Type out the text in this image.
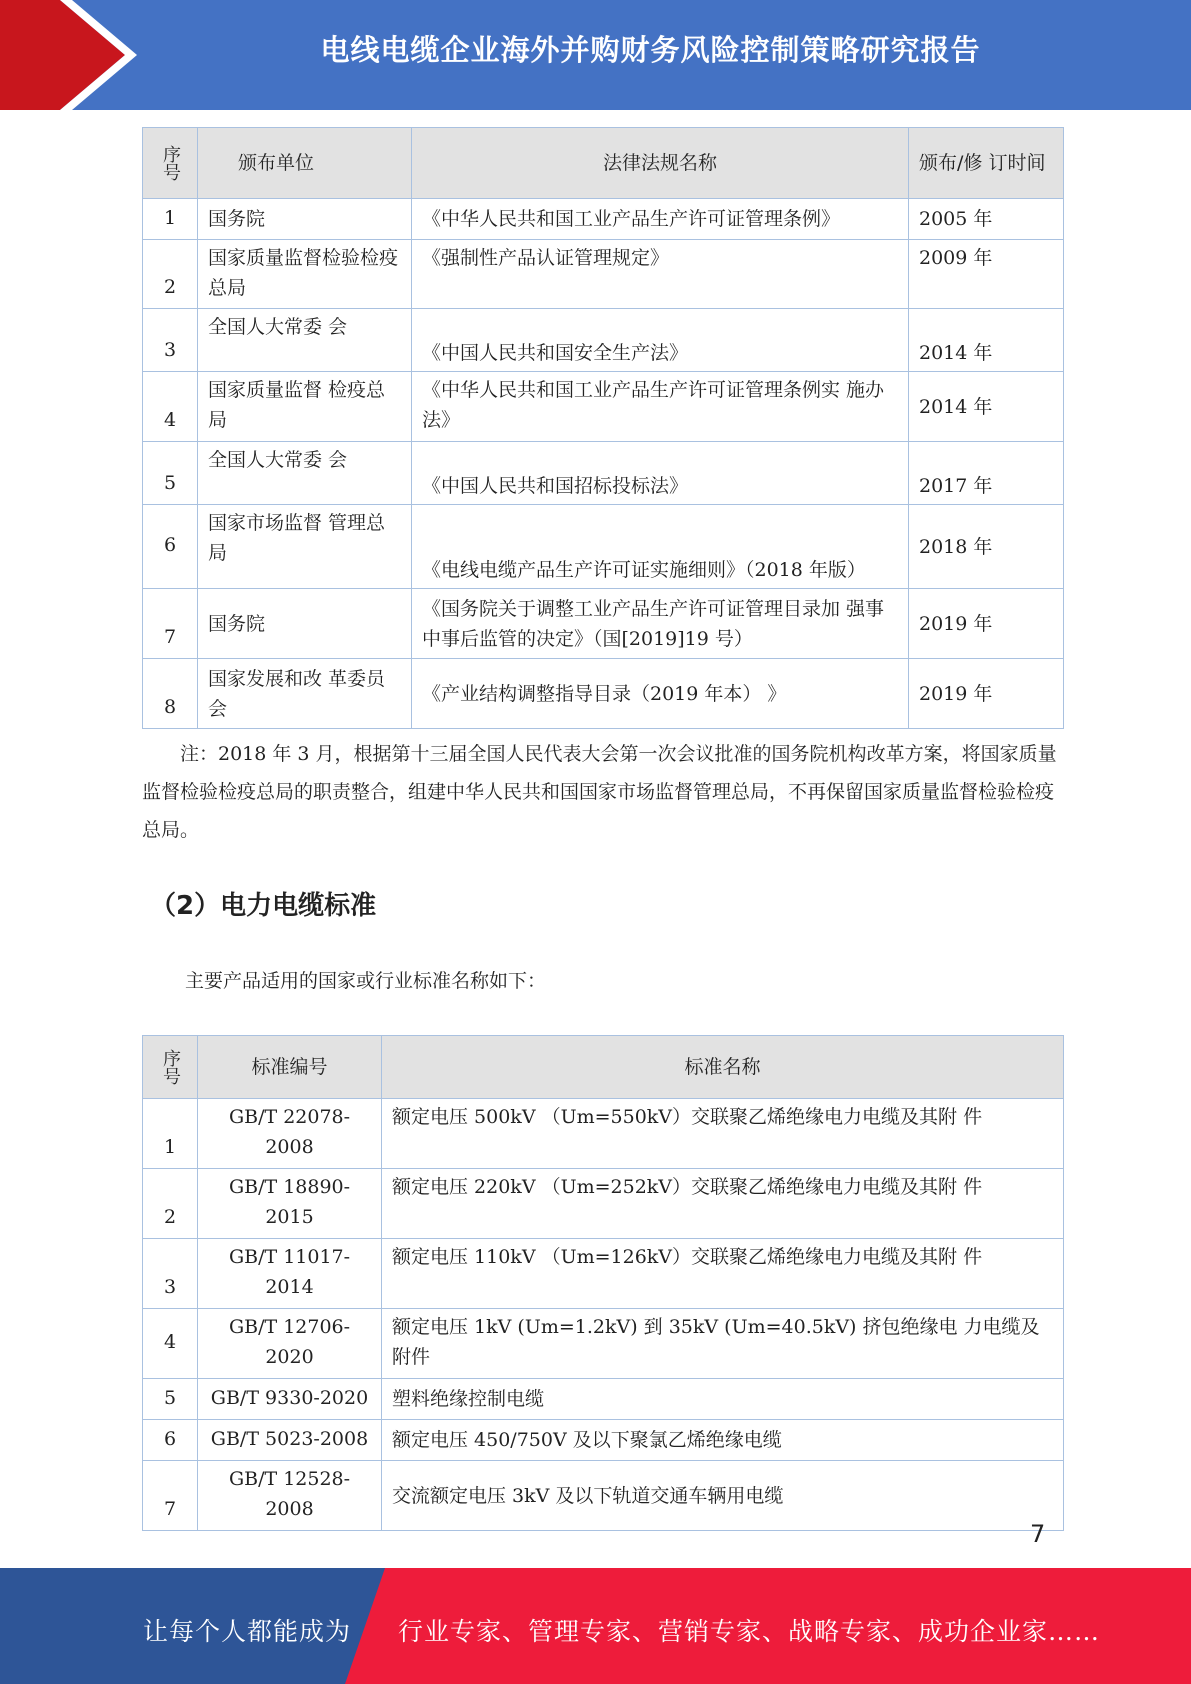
电线电缆企业海外并购财务风险控制策略研究报告
序号	颁布单位	法律法规名称	颁布/修 订时间
1	国务院	《中华人民共和国工业产品生产许可证管理条例》	2005 年
2	国家质量监督检验检疫总局	《强制性产品认证管理规定》	2009 年
3	全国人大常委 会	《中国人民共和国安全生产法》	2014 年
4	国家质量监督 检疫总局	《中华人民共和国工业产品生产许可证管理条例实 施办法》	2014 年
5	全国人大常委 会	《中国人民共和国招标投标法》	2017 年
6	国家市场监督 管理总局	《电线电缆产品生产许可证实施细则》（2018 年版）	2018 年
7	国务院	《国务院关于调整工业产品生产许可证管理目录加 强事中事后监管的决定》（国[2019]19 号）	2019 年
8	国家发展和改 革委员会	《产业结构调整指导目录（2019 年本） 》	2019 年
注：2018 年 3 月，根据第十三届全国人民代表大会第一次会议批准的国务院机构改革方案，将国家质量监督检验检疫总局的职责整合，组建中华人民共和国国家市场监督管理总局，不再保留国家质量监督检验检疫总局。
（2）电力电缆标准
主要产品适用的国家或行业标准名称如下：
序号	标准编号	标准名称
1	GB/T 22078-2008	额定电压 500kV （Um=550kV）交联聚乙烯绝缘电力电缆及其附 件
2	GB/T 18890-2015	额定电压 220kV （Um=252kV）交联聚乙烯绝缘电力电缆及其附 件
3	GB/T 11017-2014	额定电压 110kV （Um=126kV）交联聚乙烯绝缘电力电缆及其附 件
4	GB/T 12706-2020	额定电压 1kV (Um=1.2kV) 到 35kV (Um=40.5kV) 挤包绝缘电 力电缆及附件
5	GB/T 9330-2020	塑料绝缘控制电缆
6	GB/T 5023-2008	额定电压 450/750V 及以下聚氯乙烯绝缘电缆
7	GB/T 12528-2008	交流额定电压 3kV 及以下轨道交通车辆用电缆
7
让每个人都能成为 行业专家、管理专家、营销专家、战略专家、成功企业家……
